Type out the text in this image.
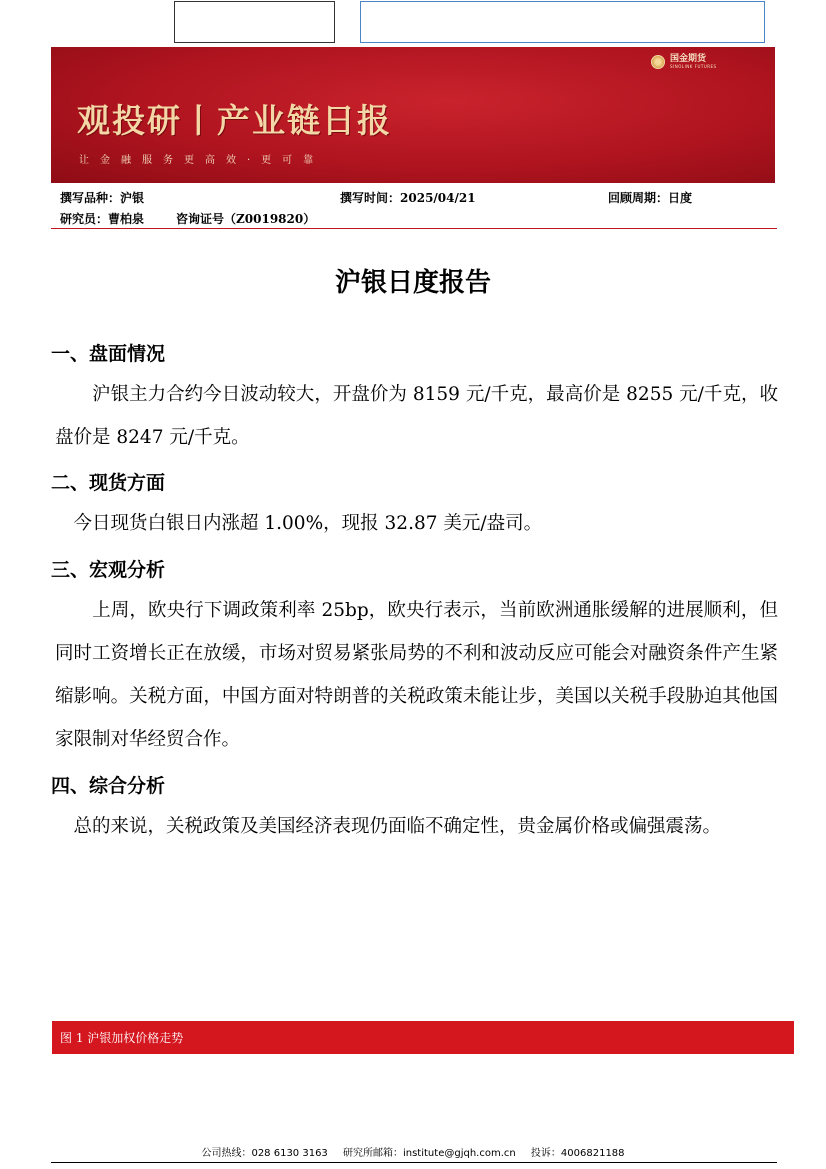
国金期货
SINOLINK FUTURES
观投研丨产业链日报
让金融服务更高效·更可靠
撰写品种：沪银	撰写时间：2025/04/21	回顾周期：日度
研究员：曹柏泉	咨询证号（Z0019820）
沪银日度报告
一、盘面情况
　　沪银主力合约今日波动较大，开盘价为 8159 元/千克，最高价是 8255 元/千克，收盘价是 8247 元/千克。
二、现货方面
　今日现货白银日内涨超 1.00%，现报 32.87 美元/盎司。
三、宏观分析
　　上周，欧央行下调政策利率 25bp，欧央行表示，当前欧洲通胀缓解的进展顺利，但同时工资增长正在放缓，市场对贸易紧张局势的不利和波动反应可能会对融资条件产生紧缩影响。关税方面，中国方面对特朗普的关税政策未能让步，美国以关税手段胁迫其他国家限制对华经贸合作。
四、综合分析
　总的来说，关税政策及美国经济表现仍面临不确定性，贵金属价格或偏强震荡。
图 1 沪银加权价格走势
公司热线：028 6130 3163 研究所邮箱：institute@gjqh.com.cn 投诉：4006821188
